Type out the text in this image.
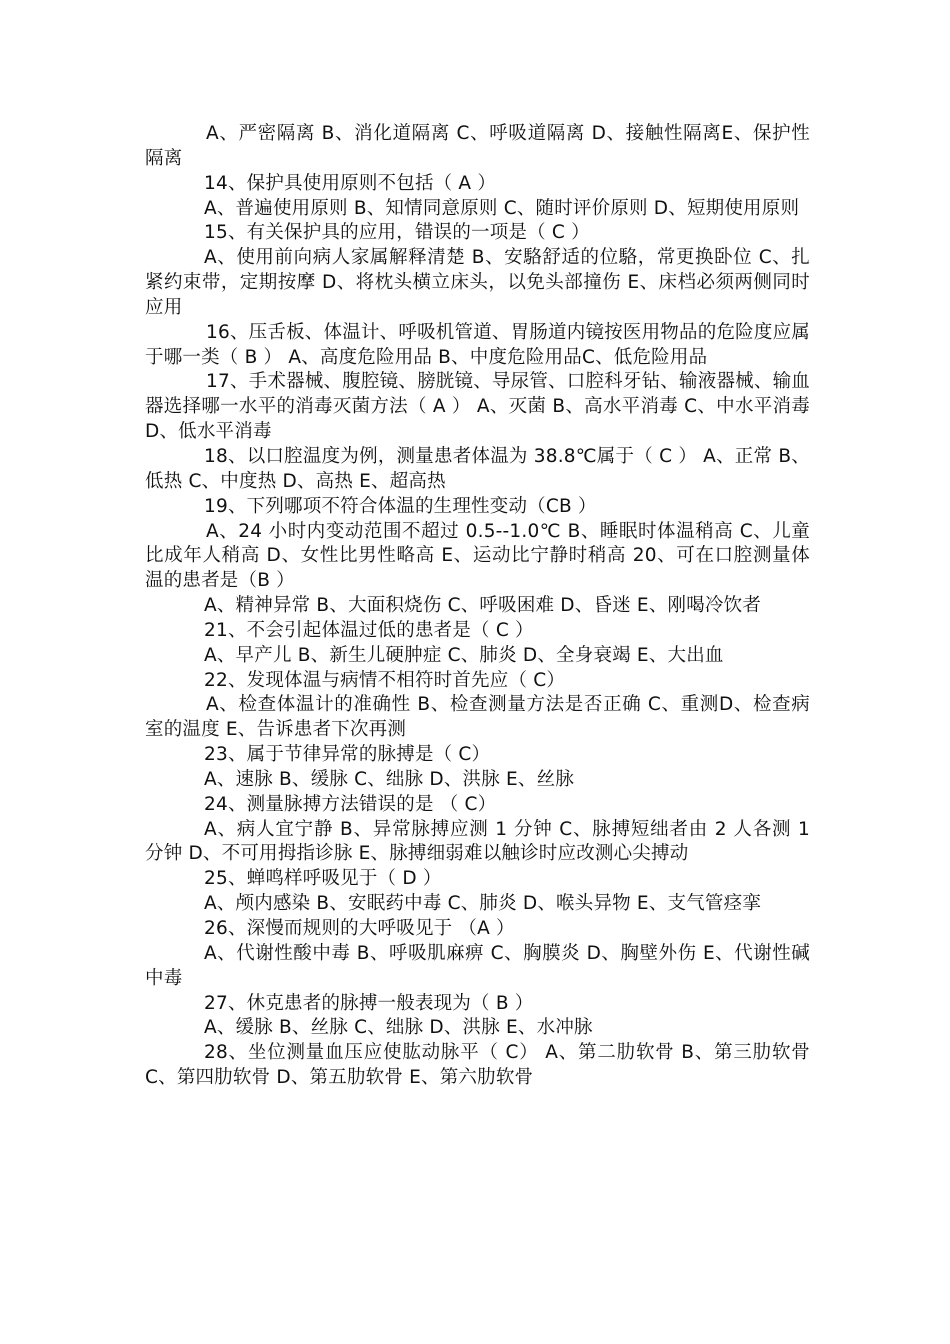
A、严密隔离 B、消化道隔离 C、呼吸道隔离 D、接触性隔离E、保护性隔离

14、保护具使用原则不包括（ A ）

A、普遍使用原则 B、知情同意原则 C、随时评价原则 D、短期使用原则

15、有关保护具的应用，错误的一项是（ C ）

A、使用前向病人家属解释清楚 B、安駱舒适的位駱，常更换卧位 C、扎紧约束带，定期按摩 D、将枕头横立床头，以免头部撞伤 E、床档必须两侧同时应用

16、压舌板、体温计、呼吸机管道、胃肠道内镜按医用物品的危险度应属于哪一类（ B ） A、高度危险用品 B、中度危险用品C、低危险用品

17、手术器械、腹腔镜、膀胱镜、导尿管、口腔科牙钻、输液器械、输血器选择哪一水平的消毒灭菌方法（ A ） A、灭菌 B、高水平消毒 C、中水平消毒 D、低水平消毒

18、以口腔温度为例，测量患者体温为 38.8℃属于（ C ） A、正常 B、低热 C、中度热 D、高热 E、超高热

19、下列哪项不符合体温的生理性变动（CB ）

A、24 小时内变动范围不超过 0.5--1.0℃ B、睡眠时体温稍高 C、儿童比成年人稍高 D、女性比男性略高 E、运动比宁静时稍高 20、可在口腔测量体温的患者是（B ）

A、精神异常 B、大面积烧伤 C、呼吸困难 D、昏迷 E、刚喝冷饮者

21、不会引起体温过低的患者是（ C ）

A、早产儿 B、新生儿硬肿症 C、肺炎 D、全身衰竭 E、大出血

22、发现体温与病情不相符时首先应（ C）

A、检查体温计的准确性 B、检查测量方法是否正确 C、重测D、检查病室的温度 E、告诉患者下次再测

23、属于节律异常的脉搏是（ C）

A、速脉 B、缓脉 C、绌脉 D、洪脉 E、丝脉

24、测量脉搏方法错误的是 （ C）

A、病人宜宁静 B、异常脉搏应测 1 分钟 C、脉搏短绌者由 2 人各测 1 分钟 D、不可用拇指诊脉 E、脉搏细弱难以触诊时应改测心尖搏动

25、蝉鸣样呼吸见于（ D ）

A、颅内感染 B、安眠药中毒 C、肺炎 D、喉头异物 E、支气管痉挛

26、深慢而规则的大呼吸见于 （A ）

A、代谢性酸中毒 B、呼吸肌麻痹 C、胸膜炎 D、胸壁外伤 E、代谢性碱中毒

27、休克患者的脉搏一般表现为（ B ）

A、缓脉 B、丝脉 C、绌脉 D、洪脉 E、水冲脉

28、坐位测量血压应使肱动脉平（ C） A、第二肋软骨 B、第三肋软骨 C、第四肋软骨 D、第五肋软骨 E、第六肋软骨
